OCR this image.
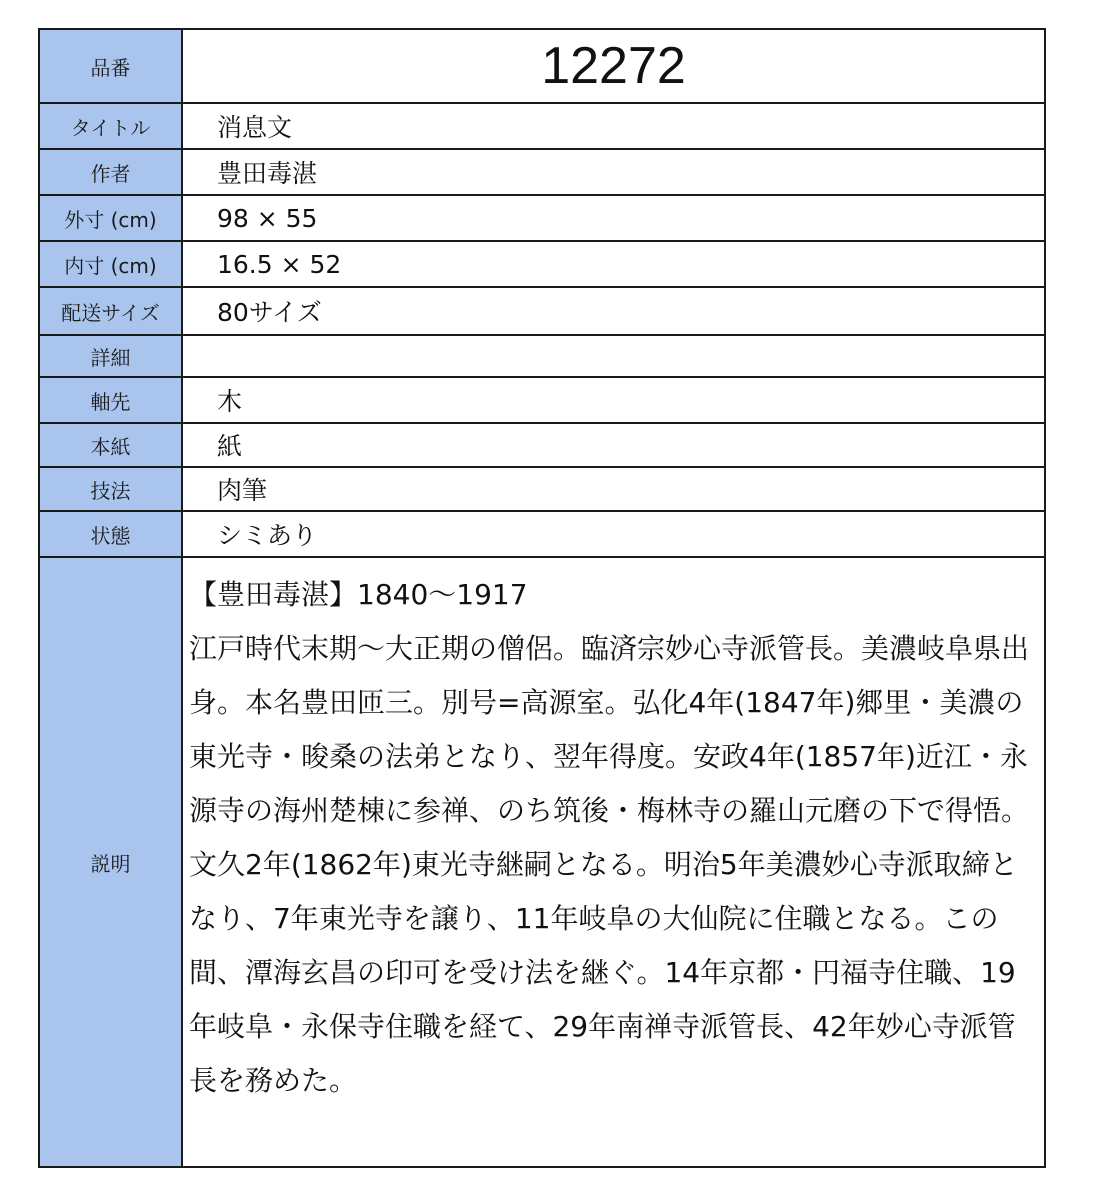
品番	12272
タイトル	消息文
作者	豊田毒湛
外寸 (cm)	98 × 55
内寸 (cm)	16.5 × 52
配送サイズ	80サイズ
詳細	
軸先	木
本紙	紙
技法	肉筆
状態	シミあり
説明	【豊田毒湛】1840〜1917

江戸時代末期〜大正期の僧侶。臨済宗妙心寺派管長。美濃岐阜県出身。本名豊田匝三。別号=高源室。弘化4年(1847年)郷里・美濃の東光寺・晙桑の法弟となり、翌年得度。安政4年(1857年)近江・永源寺の海州楚棟に参禅、のち筑後・梅林寺の羅山元磨の下で得悟。文久2年(1862年)東光寺継嗣となる。明治5年美濃妙心寺派取締となり、7年東光寺を譲り、11年岐阜の大仙院に住職となる。この間、潭海玄昌の印可を受け法を継ぐ。14年京都・円福寺住職、19年岐阜・永保寺住職を経て、29年南禅寺派管長、42年妙心寺派管長を務めた。
